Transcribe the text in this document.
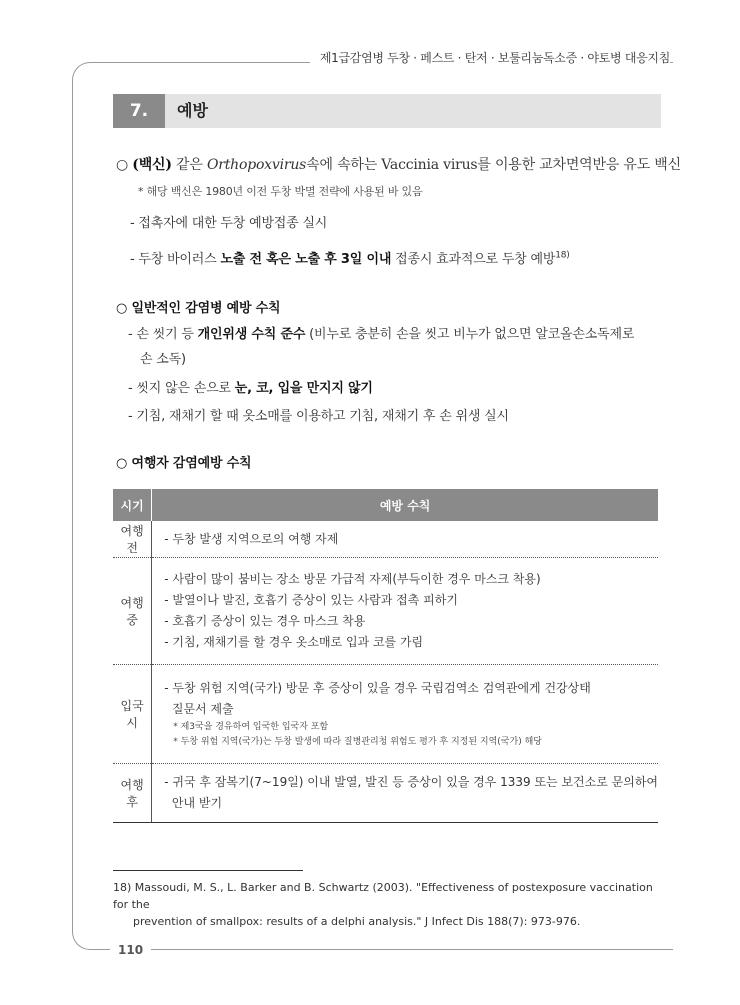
제1급감염병 두창 · 페스트 · 탄저 · 보툴리눔독소증 · 야토병 대응지침
7.	예방
○ (백신) 같은 Orthopoxvirus속에 속하는 Vaccinia virus를 이용한 교차면역반응 유도 백신
* 해당 백신은 1980년 이전 두창 박멸 전략에 사용된 바 있음
- 접촉자에 대한 두창 예방접종 실시
- 두창 바이러스 노출 전 혹은 노출 후 3일 이내 접종시 효과적으로 두창 예방$^{18)}$
○ 일반적인 감염병 예방 수칙
- 손 씻기 등 개인위생 수칙 준수 (비누로 충분히 손을 씻고 비누가 없으면 알코올손소독제로
손 소독)
- 씻지 않은 손으로 눈, 코, 입을 만지지 않기
- 기침, 재채기 할 때 옷소매를 이용하고 기침, 재채기 후 손 위생 실시
○ 여행자 감염예방 수칙
시기	예방 수칙
여행 전	- 두창 발생 지역으로의 여행 자제

여행 중	- 사람이 많이 붐비는 장소 방문 가급적 자제(부득이한 경우 마스크 착용)
- 발열이나 발진, 호흡기 증상이 있는 사람과 접촉 피하기
- 호흡기 증상이 있는 경우 마스크 착용
- 기침, 재채기를 할 경우 옷소매로 입과 코를 가림

입국 시	- 두창 위험 지역(국가) 방문 후 증상이 있을 경우 국립검역소 검역관에게 건강상태
질문서 제출
* 제3국을 경유하여 입국한 입국자 포함
* 두창 위험 지역(국가)는 두창 발생에 따라 질병관리청 위험도 평가 후 지정된 지역(국가) 해당

여행 후	- 귀국 후 잠복기(7~19일) 이내 발열, 발진 등 증상이 있을 경우 1339 또는 보건소로 문의하여
안내 받기
18) Massoudi, M. S., L. Barker and B. Schwartz (2003). "Effectiveness of postexposure vaccination for the
prevention of smallpox: results of a delphi analysis." J Infect Dis 188(7): 973-976.
110
